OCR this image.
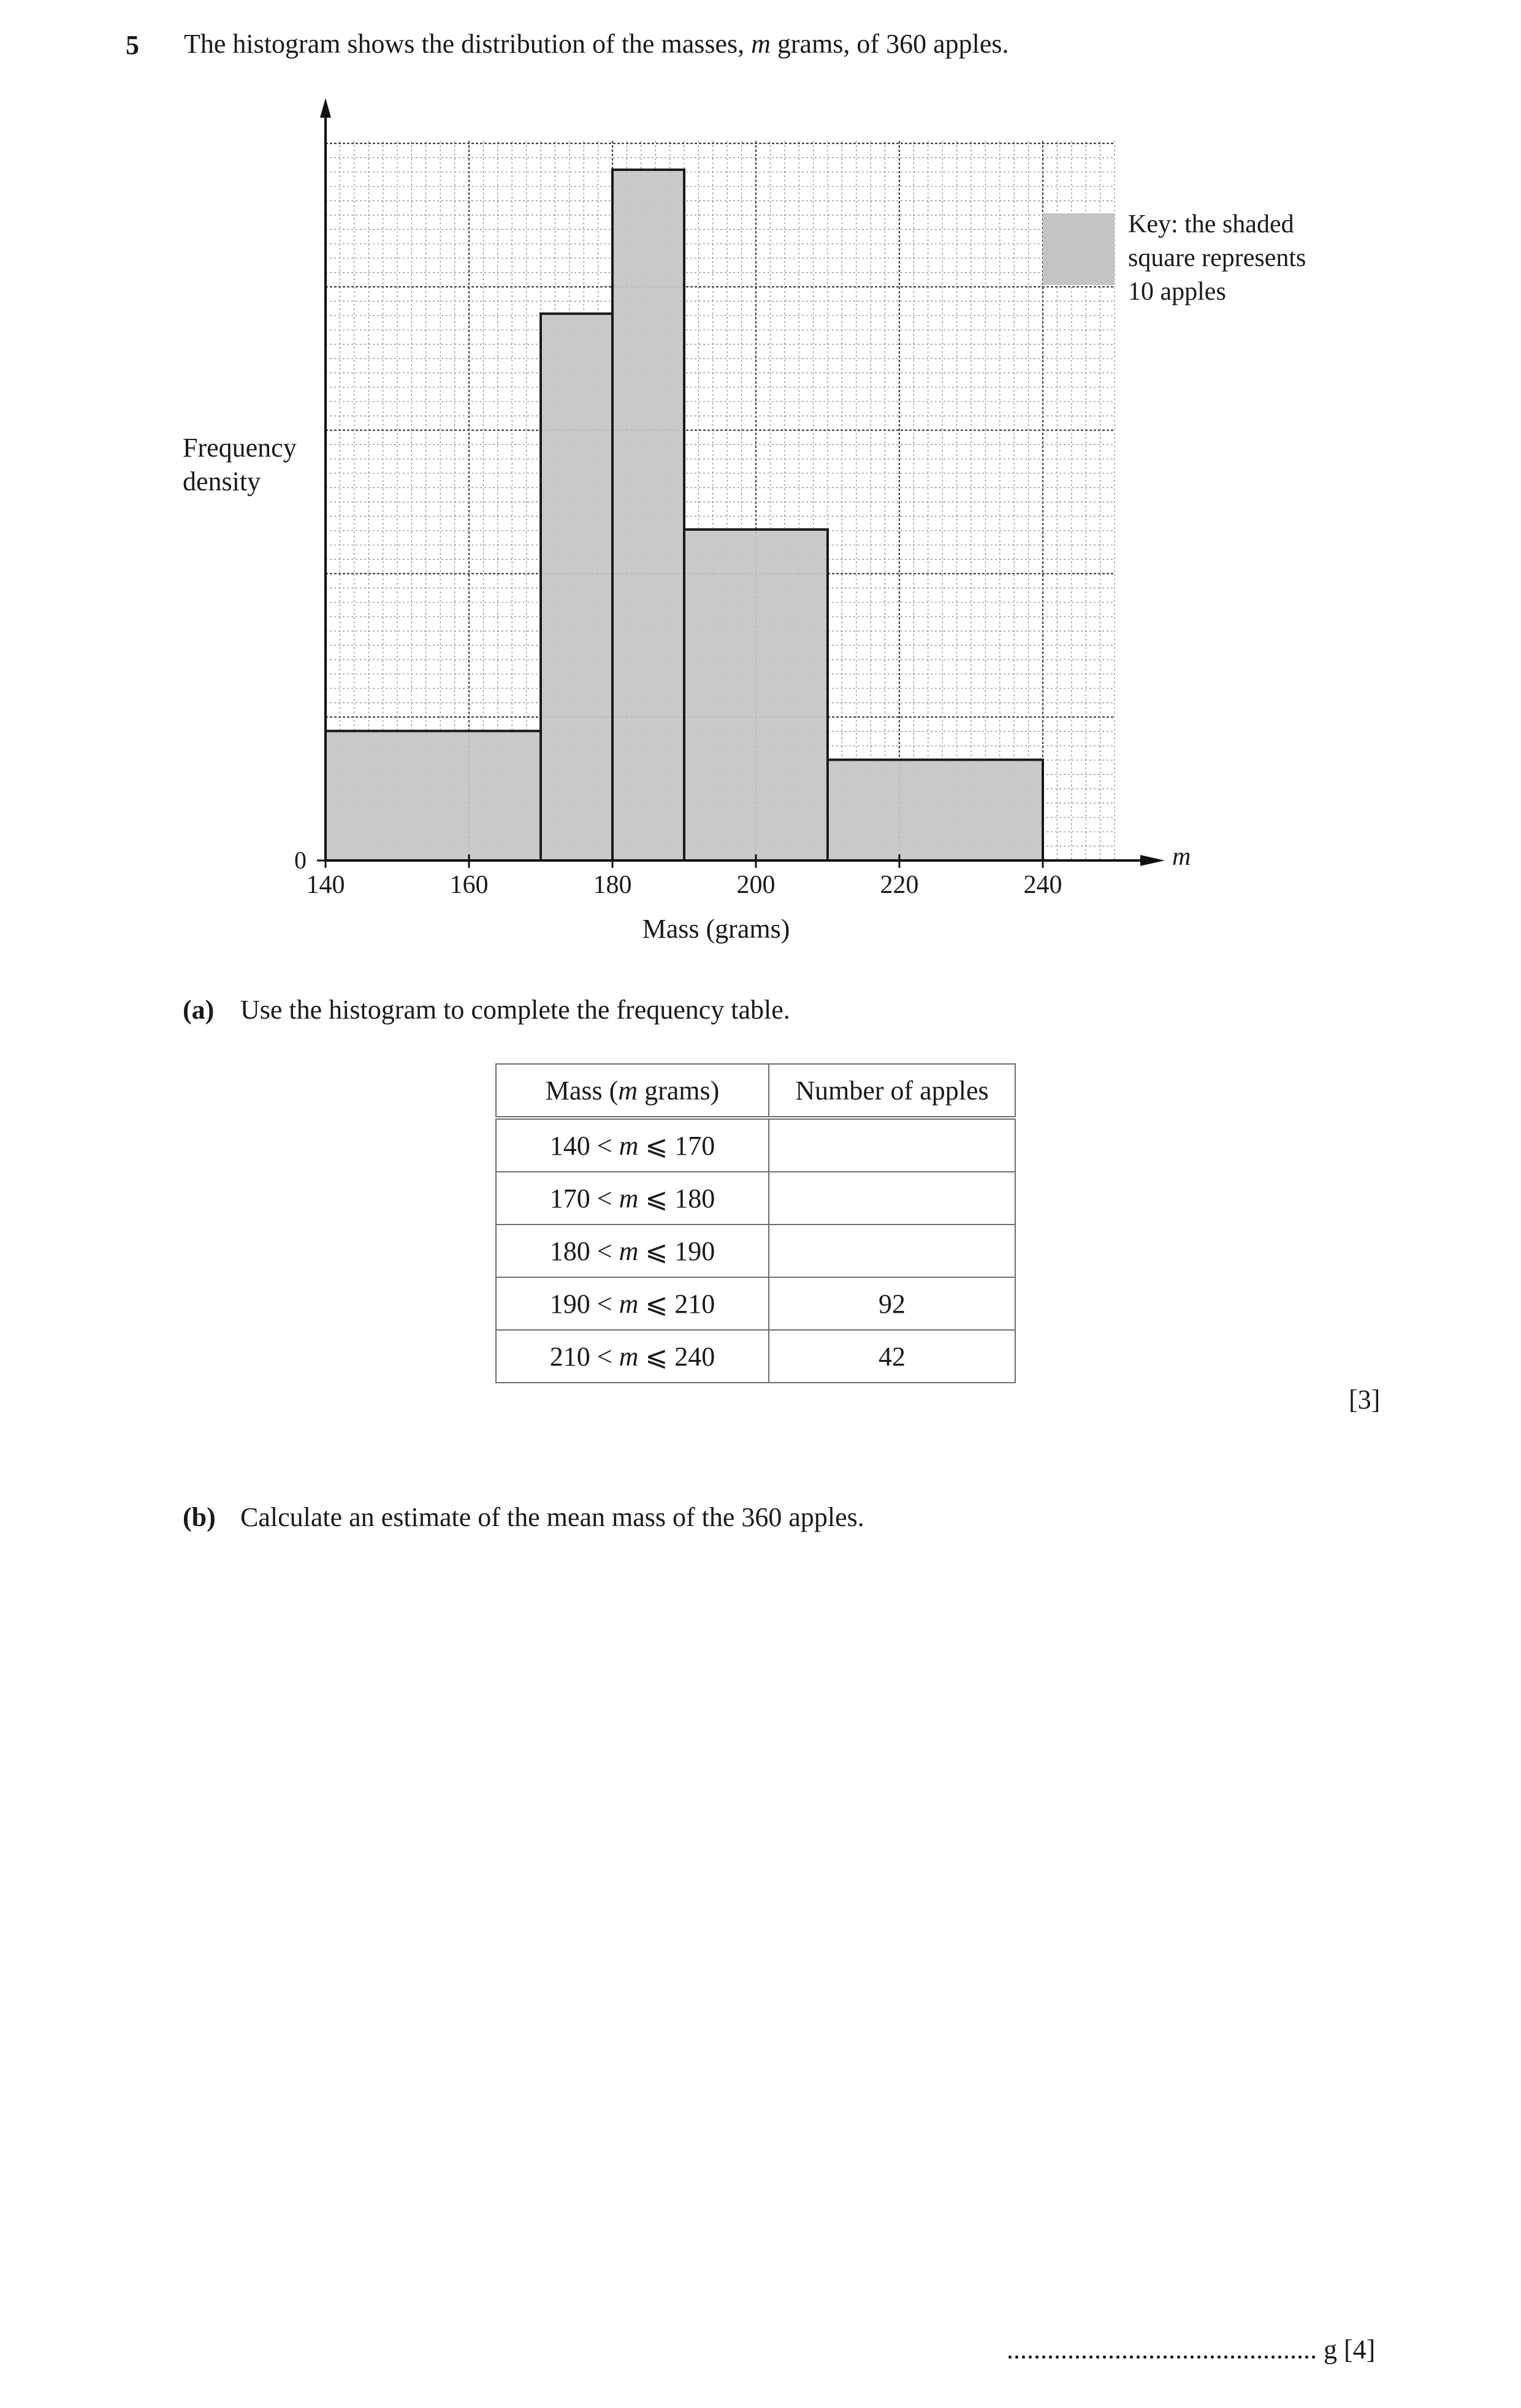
5 The histogram shows the distribution of the masses, m grams, of 360 apples.
Frequency
density
0
140	160	180	200	220	240
Mass (grams)
m
Key: the shaded
square represents
10 apples
(a) Use the histogram to complete the frequency table.
Mass (m grams)	Number of apples
140 < m ⩽ 170	
170 < m ⩽ 180	
180 < m ⩽ 190	
190 < m ⩽ 210	92
210 < m ⩽ 240	42
[3]
(b) Calculate an estimate of the mean mass of the 360 apples.
.............................................. g [4]
